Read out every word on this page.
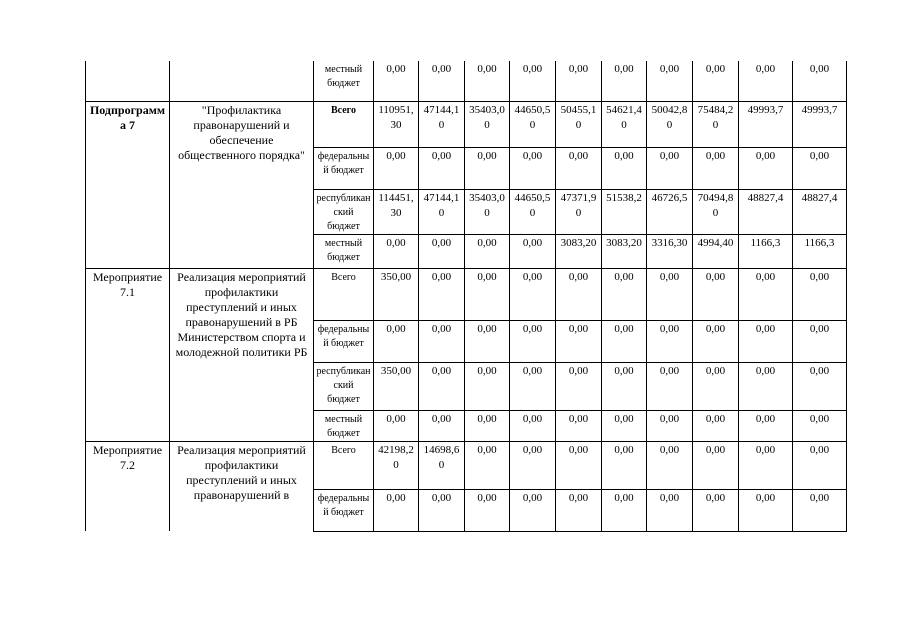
		местный бюджет	0,00	0,00	0,00	0,00	0,00	0,00	0,00	0,00	0,00	0,00
Подпрограмма 7	"Профилактика правонарушений и обеспечение общественного порядка"	Всего	110951,30	47144,10	35403,00	44650,50	50455,10	54621,40	50042,80	75484,20	49993,7	49993,7
		федеральный бюджет	0,00	0,00	0,00	0,00	0,00	0,00	0,00	0,00	0,00	0,00
		республиканский бюджет	114451,30	47144,10	35403,00	44650,50	47371,90	51538,2	46726,5	70494,80	48827,4	48827,4
		местный бюджет	0,00	0,00	0,00	0,00	3083,20	3083,20	3316,30	4994,40	1166,3	1166,3
Мероприятие 7.1	Реализация мероприятий профилактики преступлений и иных правонарушений в РБ Министерством спорта и молодежной политики РБ	Всего	350,00	0,00	0,00	0,00	0,00	0,00	0,00	0,00	0,00	0,00
		федеральный бюджет	0,00	0,00	0,00	0,00	0,00	0,00	0,00	0,00	0,00	0,00
		республиканский бюджет	350,00	0,00	0,00	0,00	0,00	0,00	0,00	0,00	0,00	0,00
		местный бюджет	0,00	0,00	0,00	0,00	0,00	0,00	0,00	0,00	0,00	0,00
Мероприятие 7.2	Реализация мероприятий профилактики преступлений и иных правонарушений в	Всего	42198,20	14698,60	0,00	0,00	0,00	0,00	0,00	0,00	0,00	0,00
		федеральный бюджет	0,00	0,00	0,00	0,00	0,00	0,00	0,00	0,00	0,00	0,00
